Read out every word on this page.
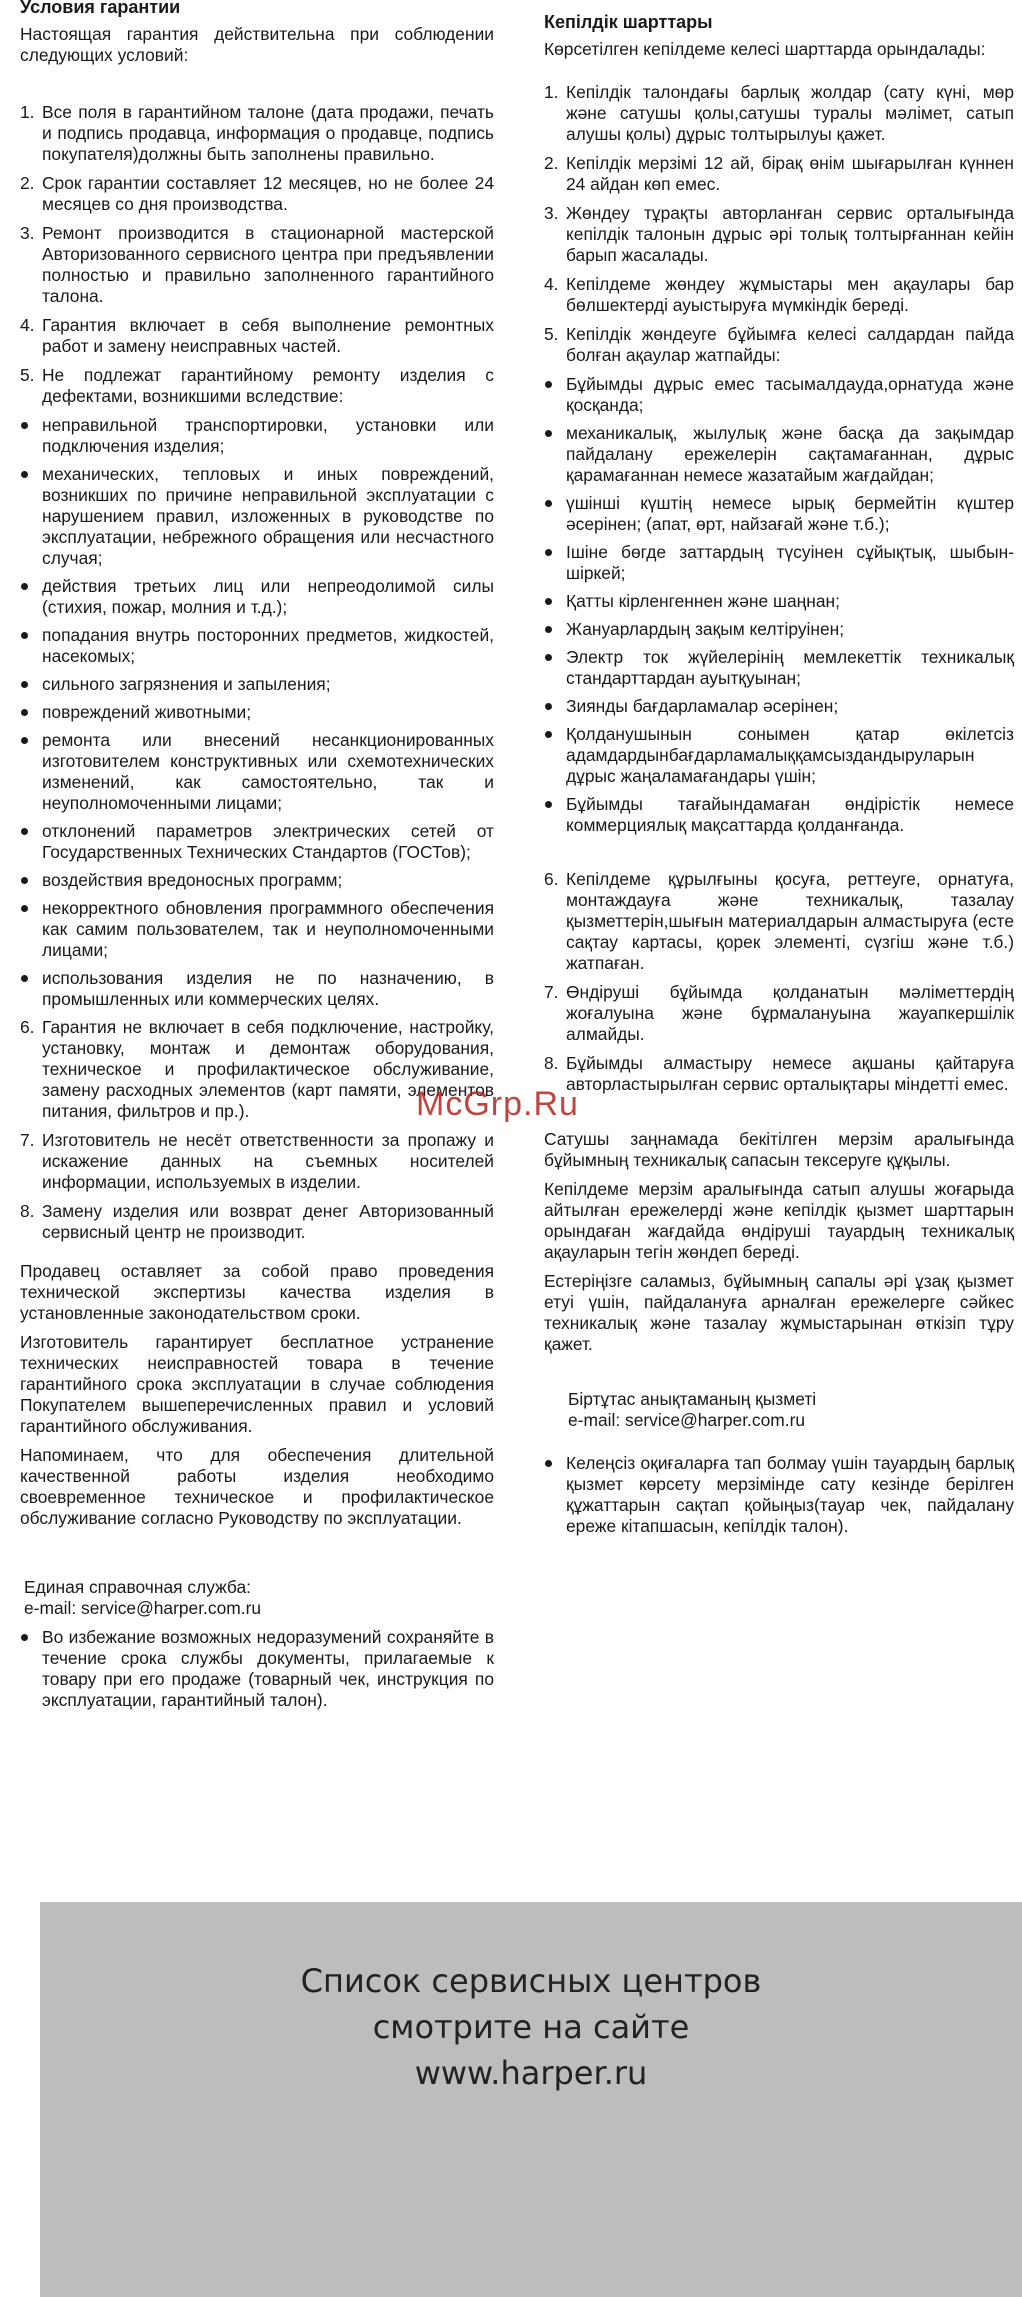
Условия гарантии

Настоящая гарантия действительна при соблюдении следующих условий:

1. Все поля в гарантийном талоне (дата продажи, печать и подпись продавца, информация о продавце, подпись покупателя)должны быть заполнены правильно.
2. Срок гарантии составляет 12 месяцев, но не более 24 месяцев со дня производства.
3. Ремонт производится в стационарной мастерской Авторизованного сервисного центра при предъявлении полностью и правильно заполненного гарантийного талона.
4. Гарантия включает в себя выполнение ремонтных работ и замену неисправных частей.
5. Не подлежат гарантийному ремонту изделия с дефектами, возникшими вследствие:
неправильной транспортировки, установки или подключения изделия;
механических, тепловых и иных повреждений, возникших по причине неправильной эксплуатации с нарушением правил, изложенных в руководстве по эксплуатации, небрежного обращения или несчастного случая;
действия третьих лиц или непреодолимой силы (стихия, пожар, молния и т.д.);
попадания внутрь посторонних предметов, жидкостей, насекомых;
сильного загрязнения и запыления;
повреждений животными;
ремонта или внесений несанкционированных изготовителем конструктивных или схемотехнических изменений, как самостоятельно, так и неуполномоченными лицами;
отклонений параметров электрических сетей от Государственных Технических Стандартов (ГОСТов);
воздействия вредоносных программ;
некорректного обновления программного обеспечения как самим пользователем, так и неуполномоченными лицами;
использования изделия не по назначению, в промышленных или коммерческих целях.
6. Гарантия не включает в себя подключение, настройку, установку, монтаж и демонтаж оборудования, техническое и профилактическое обслуживание, замену расходных элементов (карт памяти, элементов питания, фильтров и пр.).
7. Изготовитель не несёт ответственности за пропажу и искажение данных на съемных носителей информации, используемых в изделии.
8. Замену изделия или возврат денег Авторизованный сервисный центр не производит.

Продавец оставляет за собой право проведения технической экспертизы качества изделия в установленные законодательством сроки.

Изготовитель гарантирует бесплатное устранение технических неисправностей товара в течение гарантийного срока эксплуатации в случае соблюдения Покупателем вышеперечисленных правил и условий гарантийного обслуживания.

Напоминаем, что для обеспечения длительной качественной работы изделия необходимо своевременное техническое и профилактическое обслуживание согласно Руководству по эксплуатации.

Единая справочная служба:
e-mail: service@harper.com.ru
Во избежание возможных недоразумений сохраняйте в течение срока службы документы, прилагаемые к товару при его продаже (товарный чек, инструкция по эксплуатации, гарантийный талон).
Кепілдік шарттары

Көрсетілген кепілдеме келесі шарттарда орындалады:

1. Кепілдік талондағы барлық жолдар (сату күні, мөр және сатушы қолы,сатушы туралы мәлімет, сатып алушы қолы) дұрыс толтырылуы қажет.
2. Кепілдік мерзімі 12 ай, бірақ өнім шығарылған күннен 24 айдан көп емес.
3. Жөндеу тұрақты авторланған сервис орталығында кепілдік талонын дұрыс әрі толық толтырғаннан кейін барып жасалады.
4. Кепілдеме жөндеу жұмыстары мен ақаулары бар бөлшектерді ауыстыруға мүмкіндік береді.
5. Кепілдік жөндеуге бұйымға келесі салдардан пайда болған ақаулар жатпайды:
Бұйымды дұрыс емес тасымалдауда,орнатуда және қосқанда;
механикалық, жылулық және басқа да зақымдар пайдалану ережелерін сақтамағаннан, дұрыс қарамағаннан немесе жазатайым жағдайдан;
үшінші күштің немесе ырық бермейтін күштер әсерінен; (апат, өрт, найзағай және т.б.);
Ішіне бөгде заттардың түсуінен сұйықтық, шыбын-шіркей;
Қатты кірленгеннен және шаңнан;
Жануарлардың зақым келтіруінен;
Электр ток жүйелерінің мемлекеттік техникалық стандарттардан ауытқуынан;
Зиянды бағдарламалар әсерінен;
Қолданушынын сонымен қатар өкілетсіз адамдардынбағдарламалыққамсыздандыруларын дұрыс жаңаламағандары үшін;
Бұйымды тағайындамаған өндірістік немесе коммерциялық мақсаттарда қолданғанда.
6. Кепілдеме құрылғыны қосуға, реттеуге, орнатуға, монтаждауға және техникалық, тазалау қызметтерін,шығын материалдарын алмастыруға (есте сақтау картасы, қорек элементі, сүзгіш және т.б.) жатпаған.
7. Өндіруші бұйымда қолданатын мәліметтердің жоғалуына және бұрмалануына жауапкершілік алмайды.
8. Бұйымды алмастыру немесе ақшаны қайтаруға авторластырылған сервис орталықтары міндетті емес.

Сатушы заңнамада бекітілген мерзім аралығында бұйымның техникалық сапасын тексеруге құқылы.

Кепілдеме мерзім аралығында сатып алушы жоғарыда айтылған ережелерді және кепілдік қызмет шарттарын орындаған жағдайда өндіруші тауардың техникалық ақауларын тегін жөндеп береді.

Естеріңізге саламыз, бұйымның сапалы әрі ұзақ қызмет етуі үшін, пайдалануға арналған ережелерге сәйкес техникалық және тазалау жұмыстарынан өткізіп тұру қажет.

Біртұтас анықтаманың қызметі
e-mail: service@harper.com.ru
Келеңсіз оқиғаларға тап болмау үшін тауардың барлық қызмет көрсету мерзімінде сату кезінде берілген құжаттарын сақтап қойыңыз(тауар чек, пайдалану ереже кітапшасын, кепілдік талон).
McGrp.Ru
Список сервисных центров
смотрите на сайте
www.harper.ru
